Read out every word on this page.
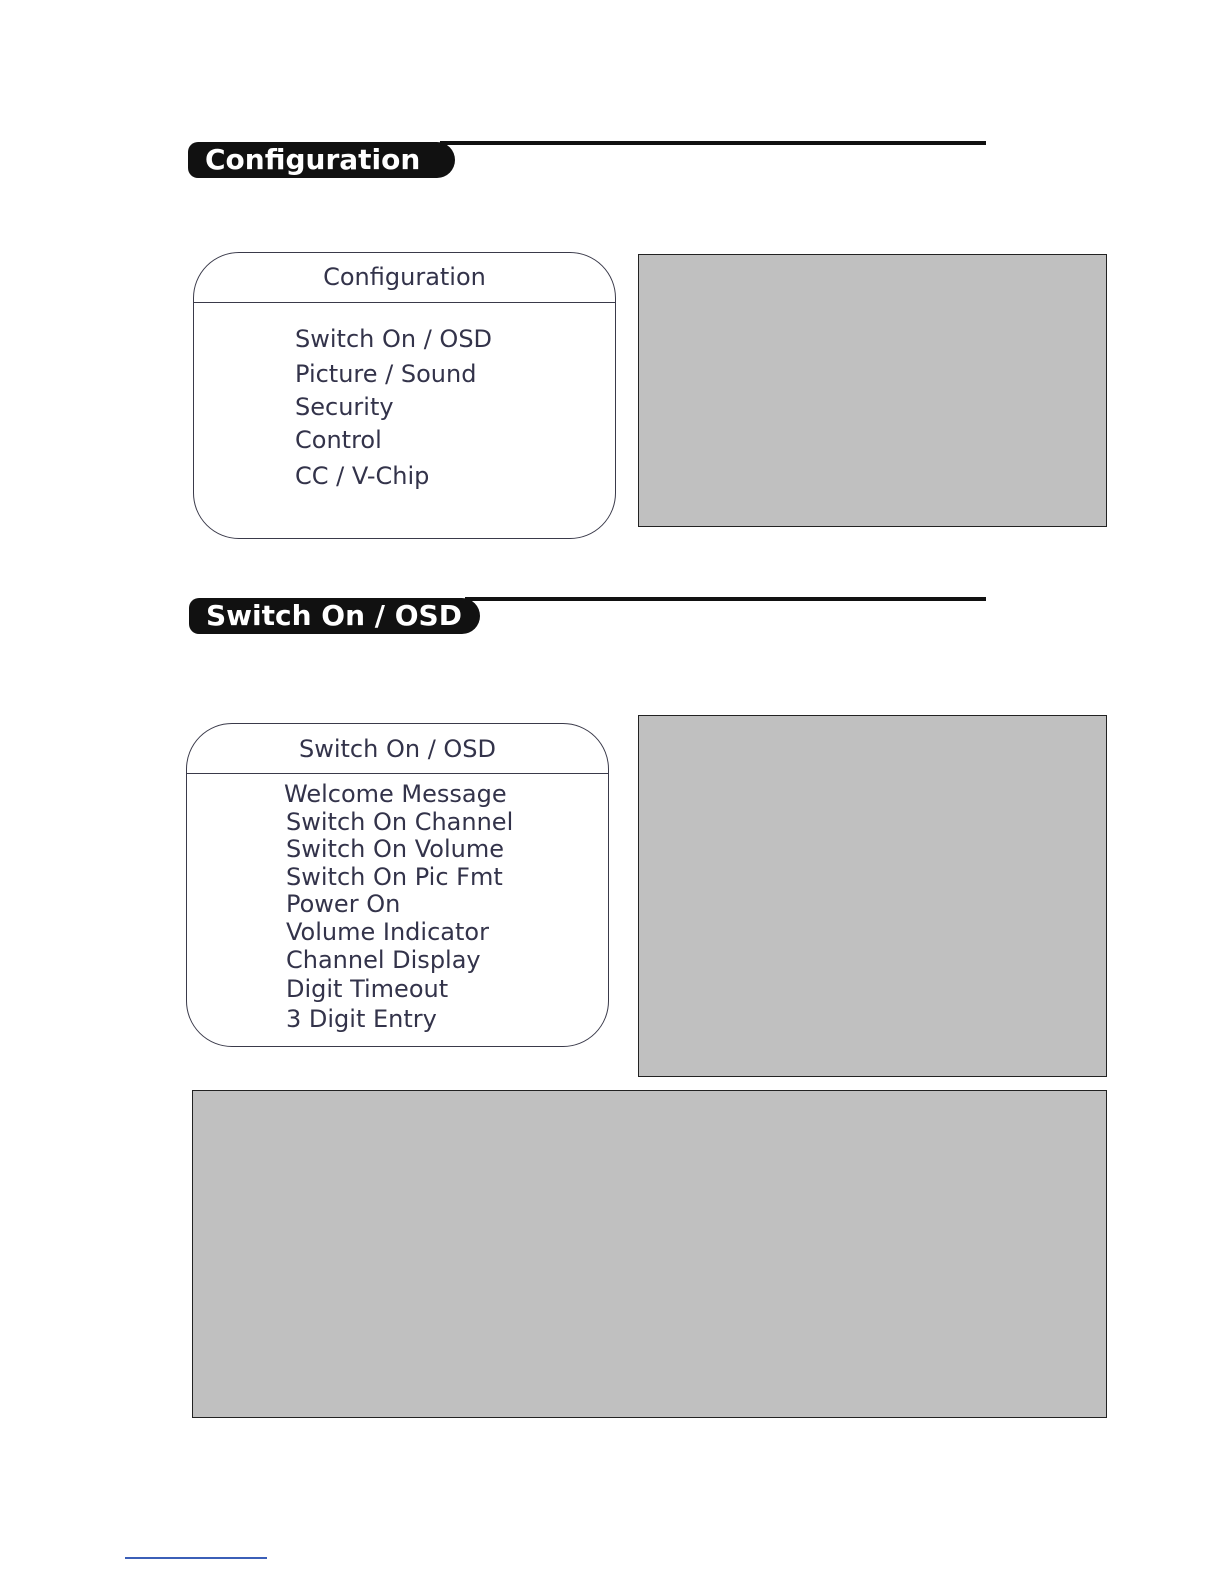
Configuration
Configuration
Switch On / OSD
Picture / Sound
Security
Control
CC / V-Chip
Switch On / OSD
Switch On / OSD
Welcome Message
Switch On Channel
Switch On Volume
Switch On Pic Fmt
Power On
Volume Indicator
Channel Display
Digit Timeout
3 Digit Entry
